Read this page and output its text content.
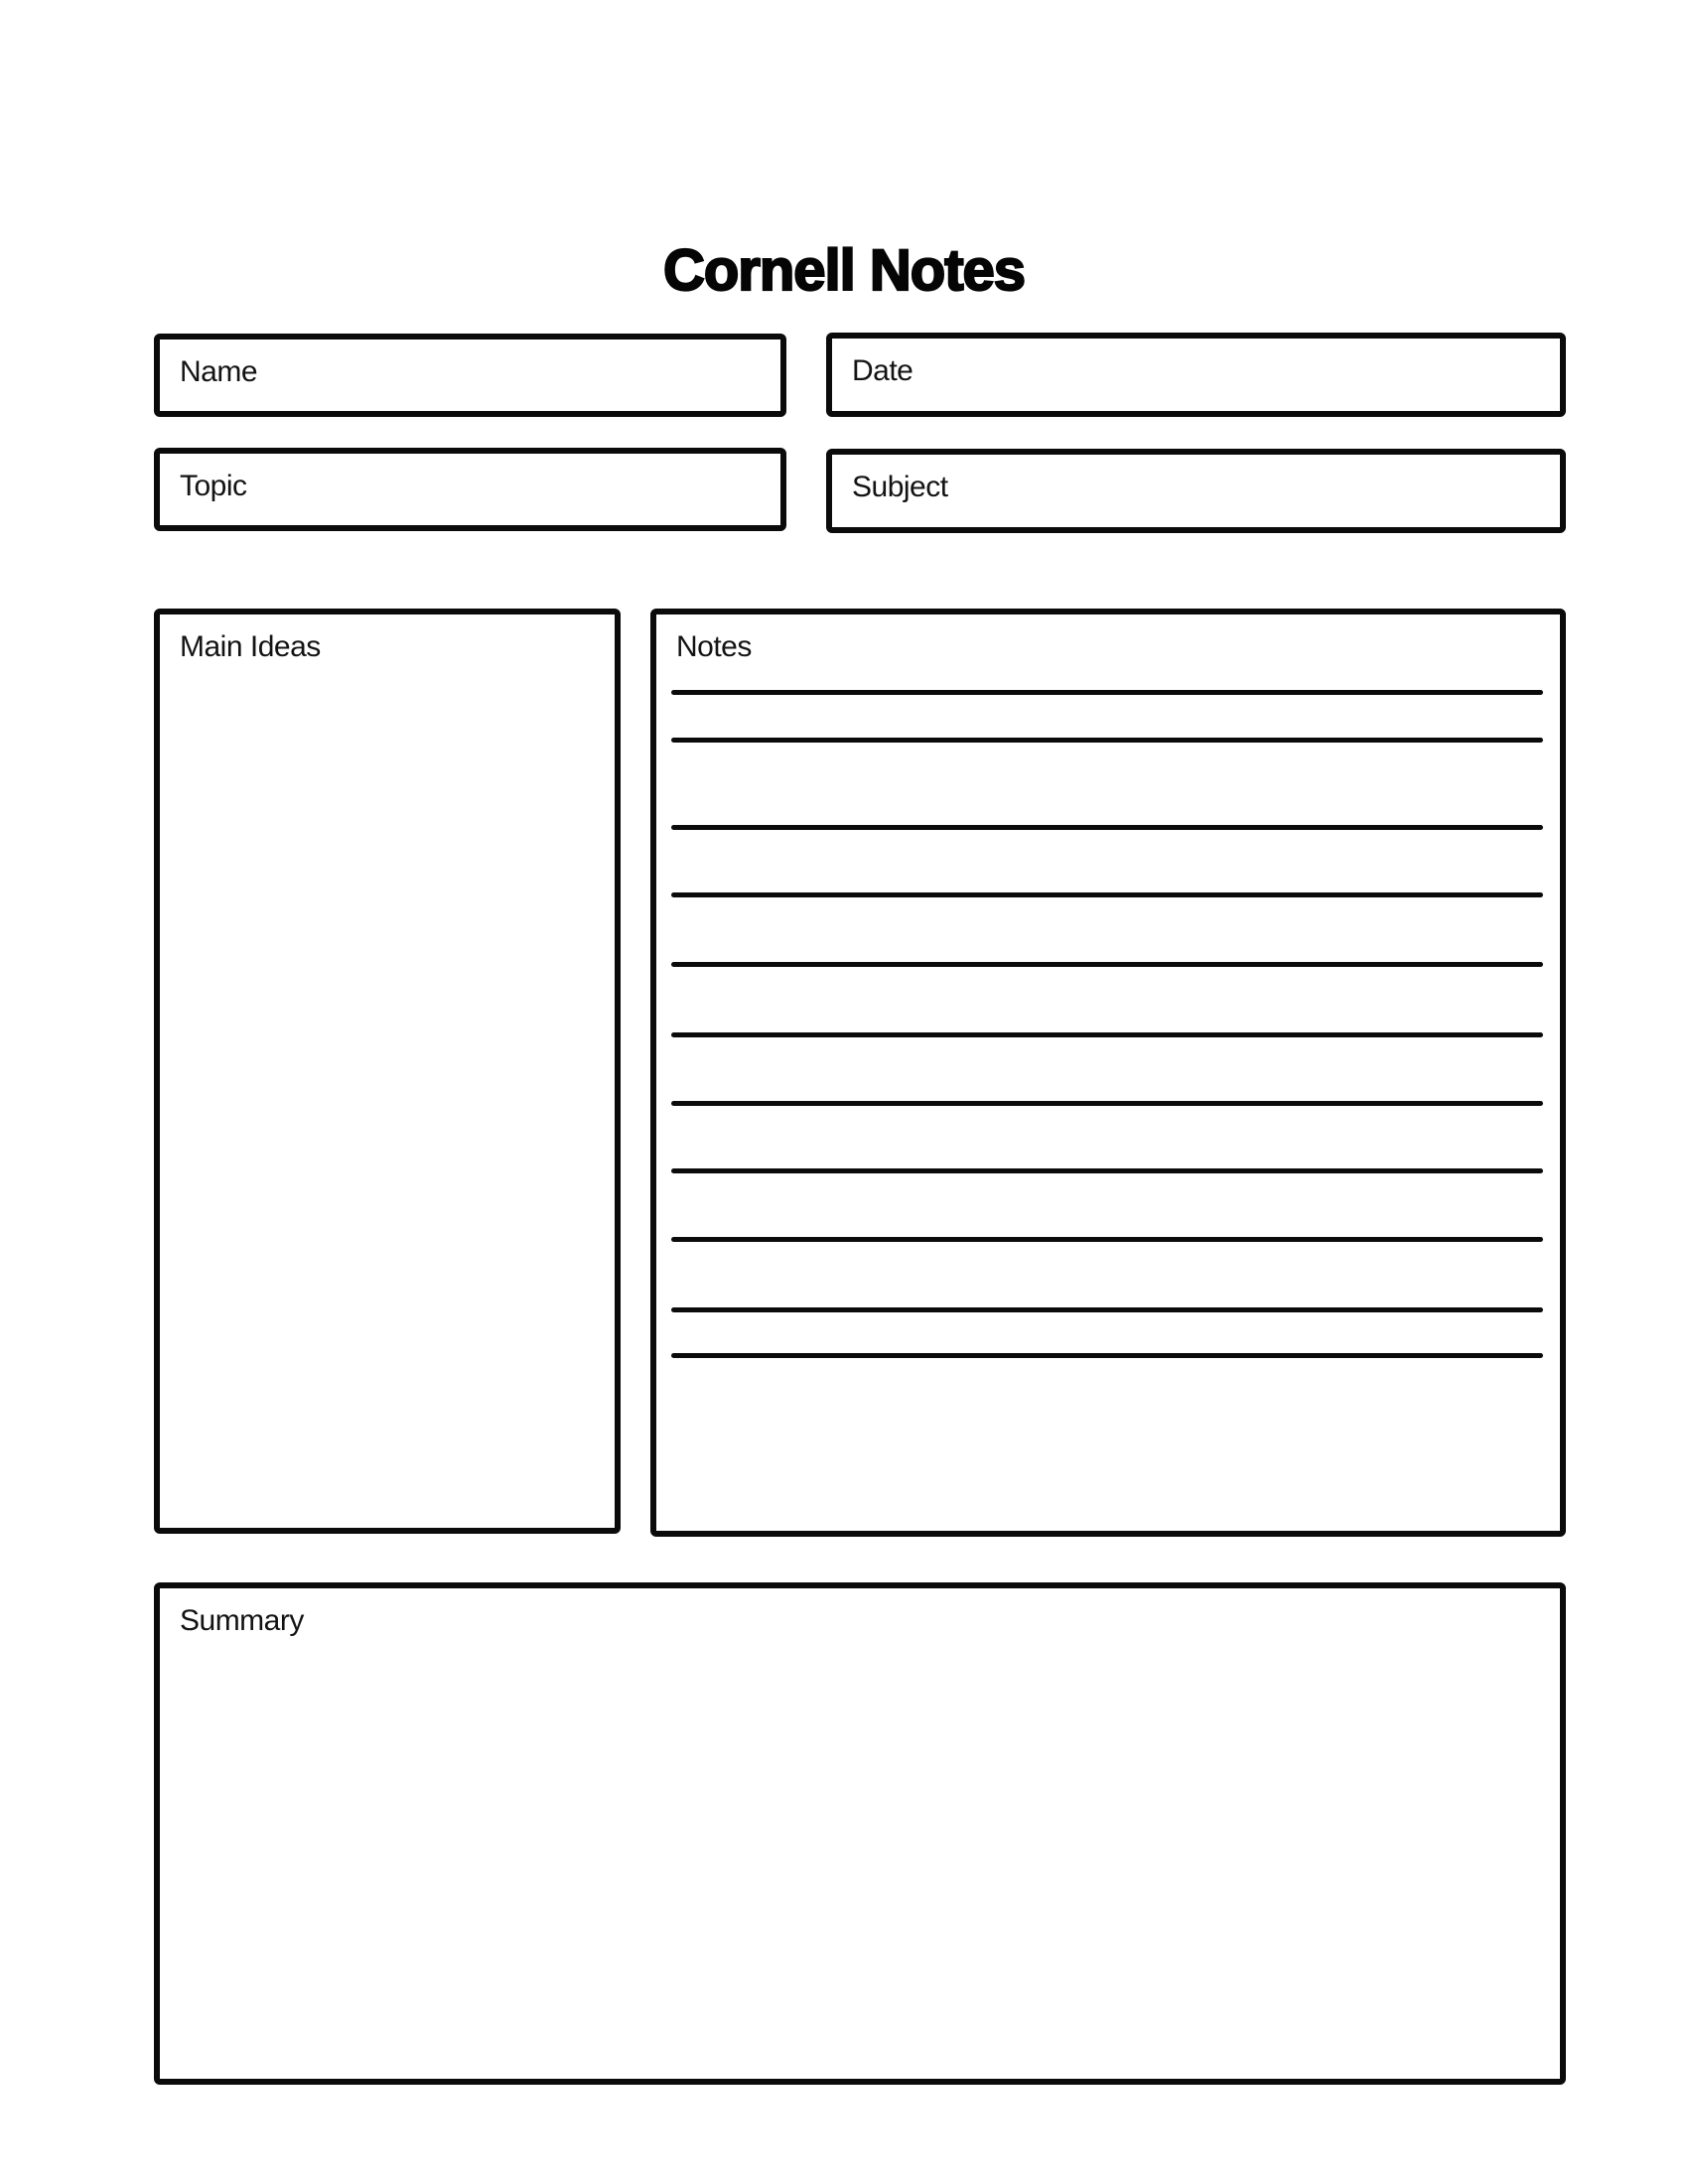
Cornell Notes
Name	Date
Topic	Subject
Main Ideas	Notes
Summary
